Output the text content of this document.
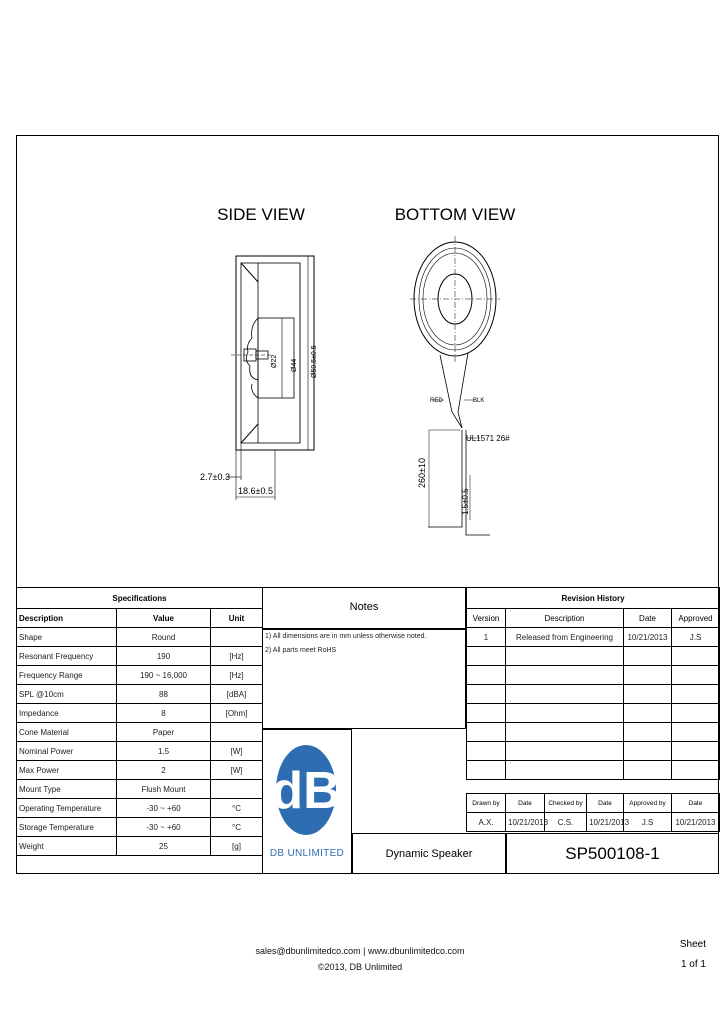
SIDE VIEW	BOTTOM VIEW
Ø22 Ø44 Ø50.5±0.5
2.7±0.3
18.6±0.5
RED	BLK
UL1571 26#
260±10
1.5±0.5
Specifications		
Description	Value	Unit
Shape	Round	
Resonant Frequency	190	[Hz]
Frequency Range	190 ~ 16,000	[Hz]
SPL @10cm	88	[dBA]
Impedance	8	[Ohm]
Cone Material	Paper	
Nominal Power	1.5	[W]
Max Power	2	[W]
Mount Type	Flush Mount	
Operating Temperature	-30 ~ +60	°C
Storage Temperature	-30 ~ +60	°C
Weight	25	[g]
Notes
1) All dimensions are in mm unless otherwise noted.
2) All parts meet RoHS
dB
DB UNLIMITED
Revision History			
Version	Description	Date	Approved
1	Released from Engineering	10/21/2013	J.S

Drawn by	Date	Checked by	Date	Approved by	Date
A.X.	10/21/2013	C.S.	10/21/2013	J.S	10/21/2013
Dynamic Speaker	SP500108-1
sales@dbunlimitedco.com | www.dbunlimitedco.com
©2013, DB Unlimited
Sheet
1 of 1
